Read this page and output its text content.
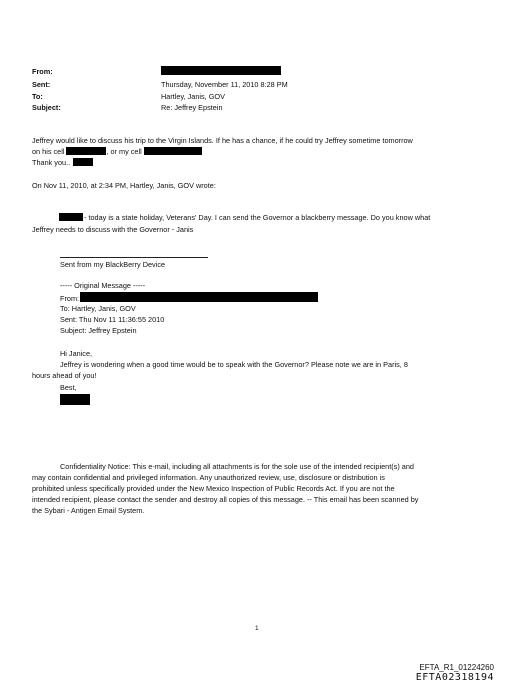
From:
Sent:	Thursday, November 11, 2010 8:28 PM
To:	Hartley, Janis, GOV
Subject:	Re: Jeffrey Epstein
Jeffrey would like to discuss his trip to the Virgin Islands. If he has a chance, if he could try Jeffrey sometime tomorrow
on his cell	, or my cell
Thank you..
On Nov 11, 2010, at 2:34 PM, Hartley, Janis, GOV wrote:
- today is a state holiday, Veterans' Day. I can send the Governor a blackberry message. Do you know what
Jeffrey needs to discuss with the Governor - Janis
Sent from my BlackBerry Device
----- Original Message -----
From:
To: Hartley, Janis, GOV
Sent: Thu Nov 11 11:36:55 2010
Subject: Jeffrey Epstein
Hi Janice,
Jeffrey is wondering when a good time would be to speak with the Governor? Please note we are in Paris, 8
hours ahead of you!
Best,
Confidentiality Notice: This e-mail, including all attachments is for the sole use of the intended recipient(s) and
may contain confidential and privileged information. Any unauthorized review, use, disclosure or distribution is
prohibited unless specifically provided under the New Mexico Inspection of Public Records Act. If you are not the
intended recipient, please contact the sender and destroy all copies of this message. -- This email has been scanned by
the Sybari - Antigen Email System.
1
EFTA_R1_01224260
EFTA02318194
